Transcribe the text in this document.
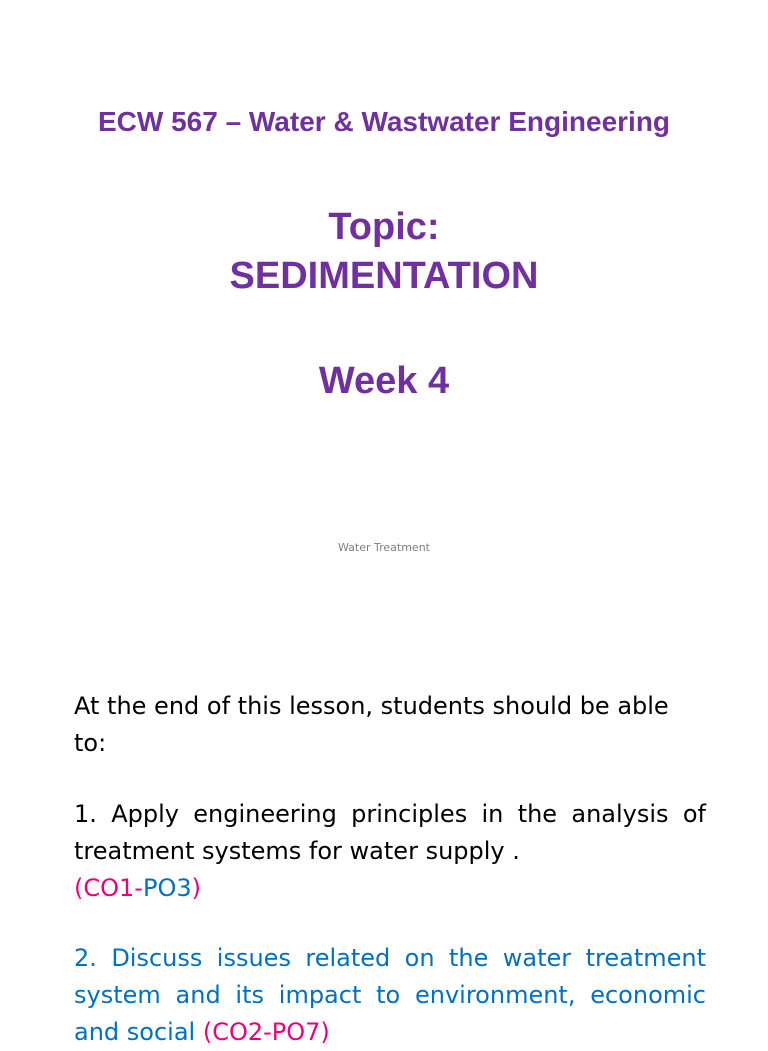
ECW 567 – Water & Wastwater Engineering
Topic:
SEDIMENTATION
Week 4
Water Treatment
At the end of this lesson, students should be able to:
1. Apply engineering principles in the analysis of treatment systems for water supply .
(CO1-PO3)
2. Discuss issues related on the water treatment system and its impact to environment, economic and social (CO2-PO7)
